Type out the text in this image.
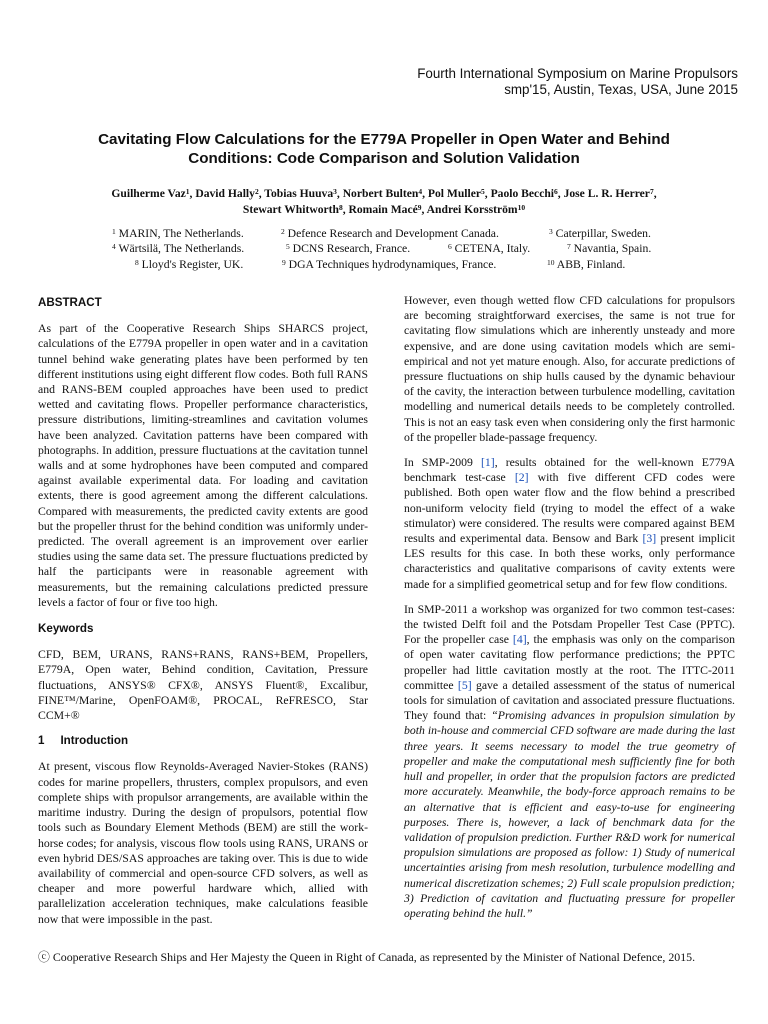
Fourth International Symposium on Marine Propulsors
smp'15, Austin, Texas, USA, June 2015
Cavitating Flow Calculations for the E779A Propeller in Open Water and Behind
Conditions: Code Comparison and Solution Validation
Guilherme Vaz$^1$, David Hally$^2$, Tobias Huuva$^3$, Norbert Bulten$^4$, Pol Muller$^5$, Paolo Becchi$^6$, Jose L. R. Herrer$^7$,
Stewart Whitworth$^8$, Romain Macé$^9$, Andrei Korsström$^{10}$
$^1$ MARIN, The Netherlands.	$^2$ Defence Research and Development Canada.	$^3$ Caterpillar, Sweden.
$^4$ Wärtsilä, The Netherlands.	$^5$ DCNS Research, France.	$^6$ CETENA, Italy.	$^7$ Navantia, Spain.
$^8$ Lloyd's Register, UK.	$^9$ DGA Techniques hydrodynamiques, France.	$^{10}$ ABB, Finland.
ABSTRACT

As part of the Cooperative Research Ships SHARCS project, calculations of the E779A propeller in open water and in a cavitation tunnel behind wake generating plates have been performed by ten different institutions using eight different flow codes. Both full RANS and RANS-BEM coupled approaches have been used to predict wetted and cavitating flows. Propeller performance characteristics, pressure distributions, limiting-streamlines and cavitation volumes have been analyzed. Cavitation patterns have been compared with photographs. In addition, pressure fluctuations at the cavitation tunnel walls and at some hydrophones have been computed and compared against available experimental data. For loading and cavitation extents, there is good agreement among the different calculations. Compared with measurements, the predicted cavity extents are good but the propeller thrust for the behind condition was uniformly under-predicted. The overall agreement is an improvement over earlier studies using the same data set. The pressure fluctuations predicted by half the participants were in reasonable agreement with measurements, but the remaining calculations predicted pressure levels a factor of four or five too high.

Keywords

CFD, BEM, URANS, RANS+RANS, RANS+BEM, Propellers, E779A, Open water, Behind condition, Cavitation, Pressure fluctuations, ANSYS® CFX®, ANSYS Fluent®, Excalibur, FINE™/Marine, OpenFOAM®, PROCAL, ReFRESCO, Star CCM+®

1 Introduction

At present, viscous flow Reynolds-Averaged Navier-Stokes (RANS) codes for marine propellers, thrusters, complex propulsors, and even complete ships with propulsor arrangements, are available within the maritime industry. During the design of propulsors, potential flow tools such as Boundary Element Methods (BEM) are still the work-horse codes; for analysis, viscous flow tools using RANS, URANS or even hybrid DES/SAS approaches are taking over. This is due to wide availability of commercial and open-source CFD solvers, as well as cheaper and more powerful hardware which, allied with parallelization acceleration techniques, make calculations feasible now that were impossible in the past.

However, even though wetted flow CFD calculations for propulsors are becoming straightforward exercises, the same is not true for cavitating flow simulations which are inherently unsteady and more expensive, and are done using cavitation models which are semi-empirical and not yet mature enough. Also, for accurate predictions of pressure fluctuations on ship hulls caused by the dynamic behaviour of the cavity, the interaction between turbulence modelling, cavitation modelling and numerical details needs to be completely controlled. This is not an easy task even when considering only the first harmonic of the propeller blade-passage frequency.

In SMP-2009 [1], results obtained for the well-known E779A benchmark test-case [2] with five different CFD codes were published. Both open water flow and the flow behind a prescribed non-uniform velocity field (trying to model the effect of a wake stimulator) were considered. The results were compared against BEM results and experimental data. Bensow and Bark [3] present implicit LES results for this case. In both these works, only performance characteristics and qualitative comparisons of cavity extents were made for a simplified geometrical setup and for few flow conditions.

In SMP-2011 a workshop was organized for two common test-cases: the twisted Delft foil and the Potsdam Propeller Test Case (PPTC). For the propeller case [4], the emphasis was only on the comparison of open water cavitating flow performance predictions; the PPTC propeller had little cavitation mostly at the root. The ITTC-2011 committee [5] gave a detailed assessment of the status of numerical tools for simulation of cavitation and associated pressure fluctuations. They found that: “Promising advances in propulsion simulation by both in-house and commercial CFD software are made during the last three years. It seems necessary to model the true geometry of propeller and make the computational mesh sufficiently fine for both hull and propeller, in order that the propulsion factors are predicted more accurately. Meanwhile, the body-force approach remains to be an alternative that is efficient and easy-to-use for engineering purposes. There is, however, a lack of benchmark data for the validation of propulsion prediction. Further R&D work for numerical propulsion simulations are proposed as follow: 1) Study of numerical uncertainties arising from mesh resolution, turbulence modelling and numerical discretization schemes; 2) Full scale propulsion prediction; 3) Prediction of cavitation and fluctuating pressure for propeller operating behind the hull.”

ⓒ Cooperative Research Ships and Her Majesty the Queen in Right of Canada, as represented by the Minister of National Defence, 2015.
